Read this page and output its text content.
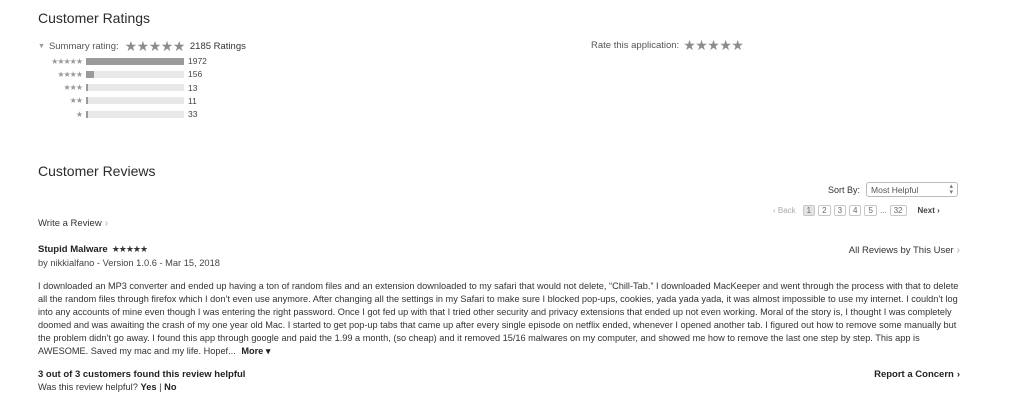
Customer Ratings
▼ Summary rating: ★★★★★ 2185 Ratings	Rate this application: ★★★★★
★★★★★	1972
★★★★	156
★★★	13
★★	11
★	33
Customer Reviews
Sort By: Most Helpful	▴
▾
Write a Review ›
‹ Back	1	2	3	4	5 ... 32	Next ›
Stupid Malware ★★★★★
by nikkialfano - Version 1.0.6 - Mar 15, 2018
All Reviews by This User ›
I downloaded an MP3 converter and ended up having a ton of random files and an extension downloaded to my safari that would not delete, “Chill-Tab.” I downloaded MacKeeper and went through the process with that to delete all the random files through firefox which I don’t even use anymore. After changing all the settings in my Safari to make sure I blocked pop-ups, cookies, yada yada yada, it was almost impossible to use my internet. I couldn’t log into any accounts of mine even though I was entering the right password. Once I got fed up with that I tried other security and privacy extensions that ended up not even working. Moral of the story is, I thought I was completely doomed and was awaiting the crash of my one year old Mac. I started to get pop-up tabs that came up after every single episode on netflix ended, whenever I opened another tab. I figured out how to remove some manually but the problem didn’t go away. I found this app through google and paid the 1.99 a month, (so cheap) and it removed 15/16 malwares on my computer, and showed me how to remove the last one step by step. This app is AWESOME. Saved my mac and my life. Hopef... More ▾
3 out of 3 customers found this review helpful
Was this review helpful? Yes | No
Report a Concern ›
